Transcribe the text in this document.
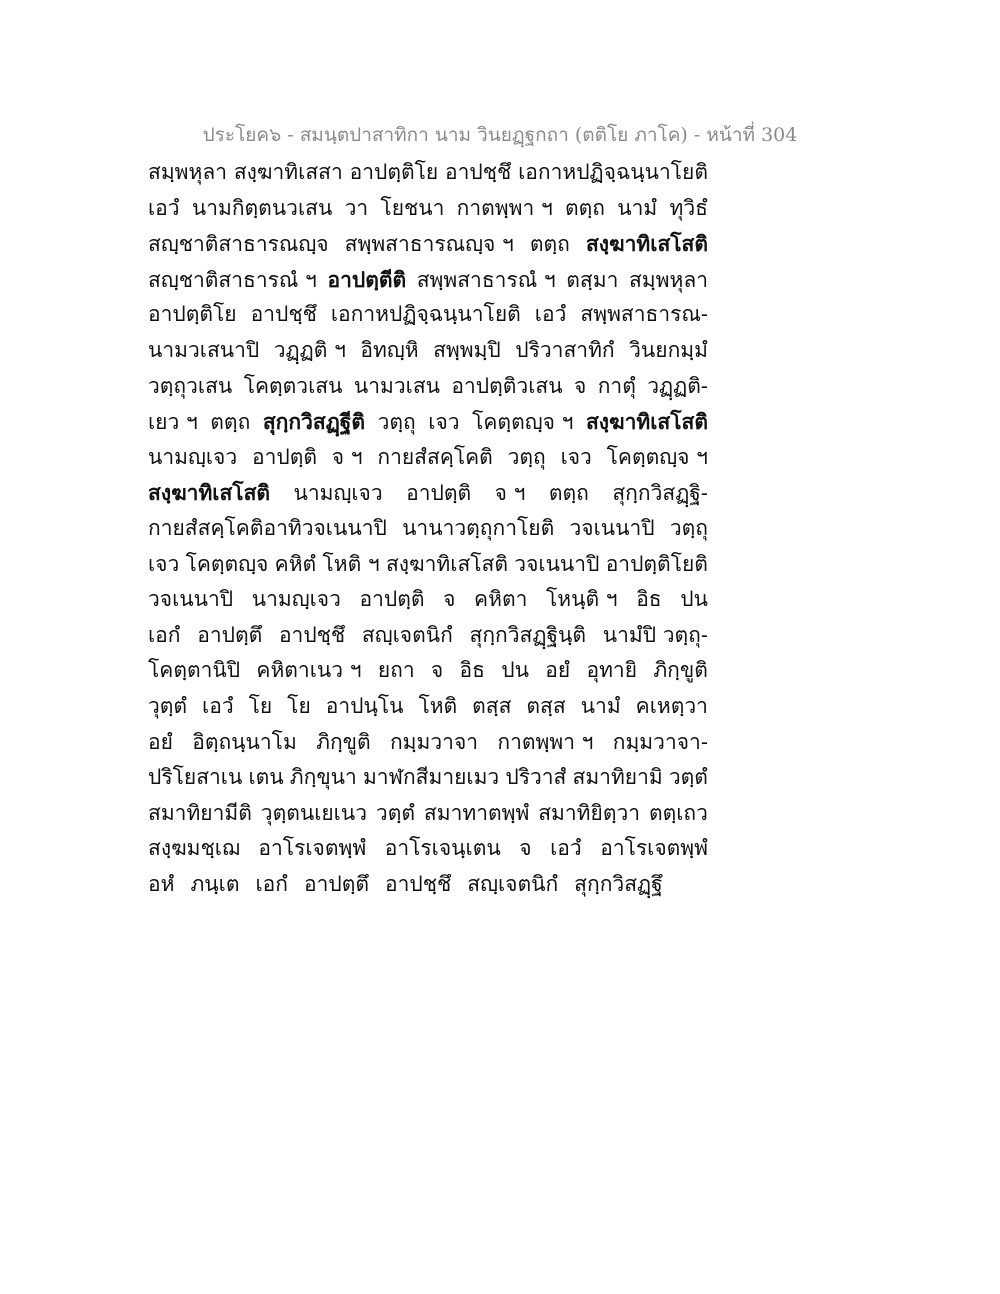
ประโยค๖ - สมนฺตปาสาทิกา นาม วินยฏฺฐกถา (ตติโย ภาโค) - หน้าที่ 304
สมฺพหุลา สงฺฆาทิเสสา อาปตฺติโย อาปชฺชึ เอกาหปฏิจฺฉนฺนาโยติ
เอวํ นามกิตฺตนวเสน วา โยชนา กาตพฺพา ฯ ตตฺถ นามํ ทุวิธํ
สญฺชาติสาธารณญฺจ สพฺพสาธารณญฺจ ฯ ตตฺถ สงฺฆาทิเสโสติ
สญฺชาติสาธารณํ ฯ อาปตฺตีติ สพฺพสาธารณํ ฯ ตสฺมา สมฺพหุลา
อาปตฺติโย อาปชฺชึ เอกาหปฏิจฺฉนฺนาโยติ เอวํ สพฺพสาธารณ-
นามวเสนาปิ วฏฺฏติ ฯ อิทญฺหิ สพฺพมฺปิ ปริวาสาทิกํ วินยกมฺมํ
วตฺถุวเสน โคตฺตวเสน นามวเสน อาปตฺติวเสน จ กาตุํ วฏฺฏติ-
เยว ฯ ตตฺถ สุกฺกวิสฏฺฐีติ วตฺถุ เจว โคตฺตญฺจ ฯ สงฺฆาทิเสโสติ
นามญฺเจว อาปตฺติ จ ฯ กายสํสคฺโคติ วตฺถุ เจว โคตฺตญฺจ ฯ
สงฺฆาทิเสโสติ นามญฺเจว อาปตฺติ จ ฯ ตตฺถ สุกฺกวิสฏฺฐิ-
กายสํสคฺโคติอาทิวจเนนาปิ นานาวตฺถุกาโยติ วจเนนาปิ วตฺถุ
เจว โคตฺตญฺจ คหิตํ โหติ ฯ สงฺฆาทิเสโสติ วจเนนาปิ อาปตฺติโยติ
วจเนนาปิ นามญฺเจว อาปตฺติ จ คหิตา โหนฺติ ฯ อิธ ปน
เอกํ อาปตฺตึ อาปชฺชึ สญฺเจตนิกํ สุกฺกวิสฏฺฐินฺติ นามํปิ วตฺถุ-
โคตฺตานิปิ คหิตาเนว ฯ ยถา จ อิธ ปน อยํ อุทายิ ภิกฺขูติ
วุตฺตํ เอวํ โย โย อาปนฺโน โหติ ตสฺส ตสฺส นามํ คเหตฺวา
อยํ อิตฺถนฺนาโม ภิกฺขูติ กมฺมวาจา กาตพฺพา ฯ กมฺมวาจา-
ปริโยสาเน เตน ภิกฺขุนา มาฬกสีมายเมว ปริวาสํ สมาทิยามิ วตฺตํ
สมาทิยามีติ วุตฺตนเยเนว วตฺตํ สมาทาตพฺพํ สมาทิยิตฺวา ตตฺเถว
สงฺฆมชฺเฌ อาโรเจตพฺพํ อาโรเจนฺเตน จ เอวํ อาโรเจตพฺพํ
อหํ ภนฺเต เอกํ อาปตฺตึ อาปชฺชึ สญฺเจตนิกํ สุกฺกวิสฏฺฐึ
